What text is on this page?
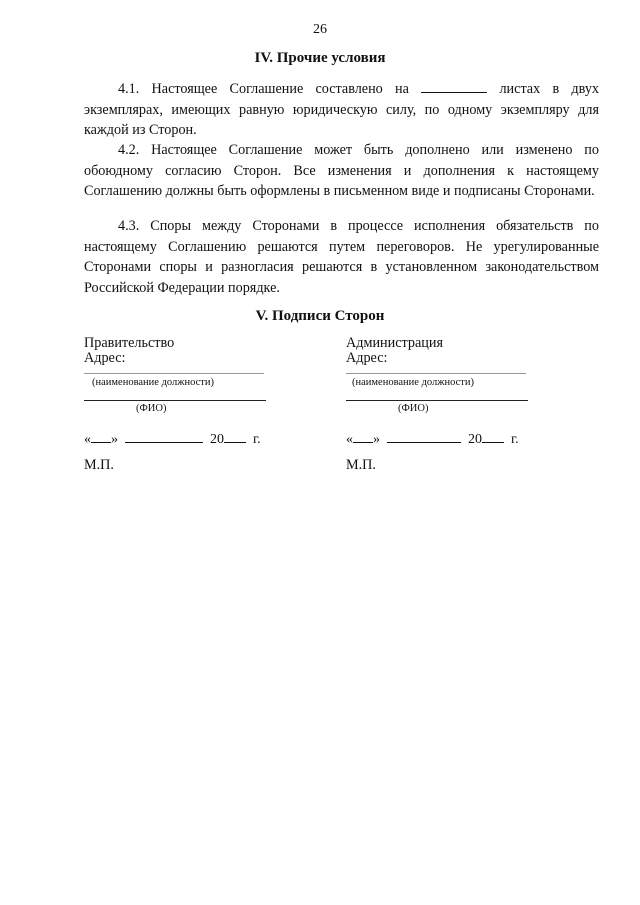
26
IV. Прочие условия

4.1. Настоящее Соглашение составлено на	листах в двух экземплярах, имеющих равную юридическую силу, по одному экземпляру для каждой из Сторон.

4.2. Настоящее Соглашение может быть дополнено или изменено по обоюдному согласию Сторон. Все изменения и дополнения к настоящему Соглашению должны быть оформлены в письменном виде и подписаны Сторонами.

4.3. Споры между Сторонами в процессе исполнения обязательств по настоящему Соглашению решаются путем переговоров. Не урегулированные Сторонами споры и разногласия решаются в установленном законодательством Российской Федерации порядке.

V. Подписи Сторон
Правительство
Адрес:
(наименование должности)
(ФИО)
« »	20 г.
М.П.
Администрация
Адрес:
(наименование должности)
(ФИО)
« »	20 г.
М.П.
